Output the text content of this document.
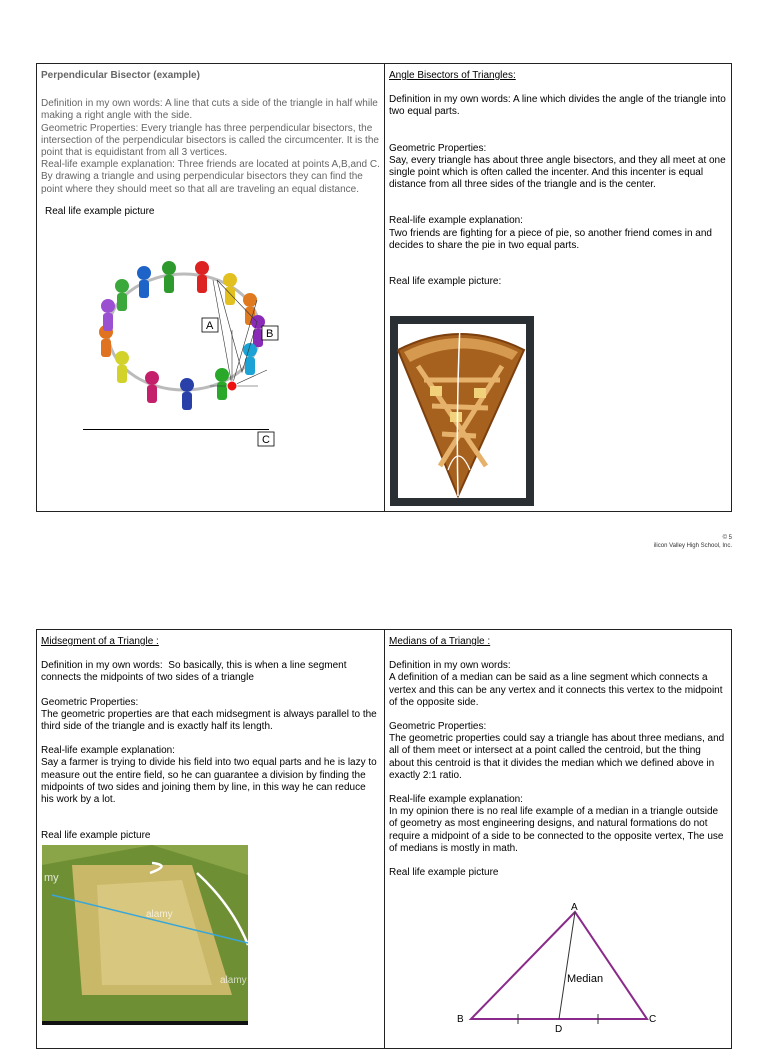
Perpendicular Bisector (example)

Definition in my own words: A line that cuts a side of the triangle in half while making a right angle with the side.

Geometric Properties: Every triangle has three perpendicular bisectors, the intersection of the perpendicular bisectors is called the circumcenter. It is the point that is equidistant from all 3 vertices.

Real-life example explanation: Three friends are located at points A,B,and C. By drawing a triangle and using perpendicular bisectors they can find the point where they should meet so that all are traveling an equal distance.

Real life example picture

A
B
C

Angle Bisectors of Triangles:

Definition in my own words: A line which divides the angle of the triangle into two equal parts.

Geometric Properties:

Say, every triangle has about three angle bisectors, and they all meet at one single point which is often called the incenter. And this incenter is equal distance from all three sides of the triangle and is the center.

Real-life example explanation:

Two friends are fighting for a piece of pie, so another friend comes in and decides to share the pie in two equal parts.

Real life example picture:

© 5
ilicon Valley High School, Inc.

Midsegment of a Triangle :

Definition in my own words: So basically, this is when a line segment connects the midpoints of two sides of a triangle

Geometric Properties:

The geometric properties are that each midsegment is always parallel to the third side of the triangle and is exactly half its length.

Real-life example explanation:

Say a farmer is trying to divide his field into two equal parts and he is lazy to measure out the entire field, so he can guarantee a division by finding the midpoints of two sides and joining them by line, in this way he can reduce his work by a lot.

Real life example picture

my
alamy
alamy

Medians of a Triangle :

Definition in my own words:

A definition of a median can be said as a line segment which connects a vertex and this can be any vertex and it connects this vertex to the midpoint of the opposite side.

Geometric Properties:

The geometric properties could say a triangle has about three medians, and all of them meet or intersect at a point called the centroid, but the thing about this centroid is that it divides the median which we defined above in exactly 2:1 ratio.

Real-life example explanation:

In my opinion there is no real life example of a median in a triangle outside of geometry as most engineering designs, and natural formations do not require a midpoint of a side to be connected to the opposite vertex, The use of medians is mostly in math.

Real life example picture

A
B	C
D
Median
